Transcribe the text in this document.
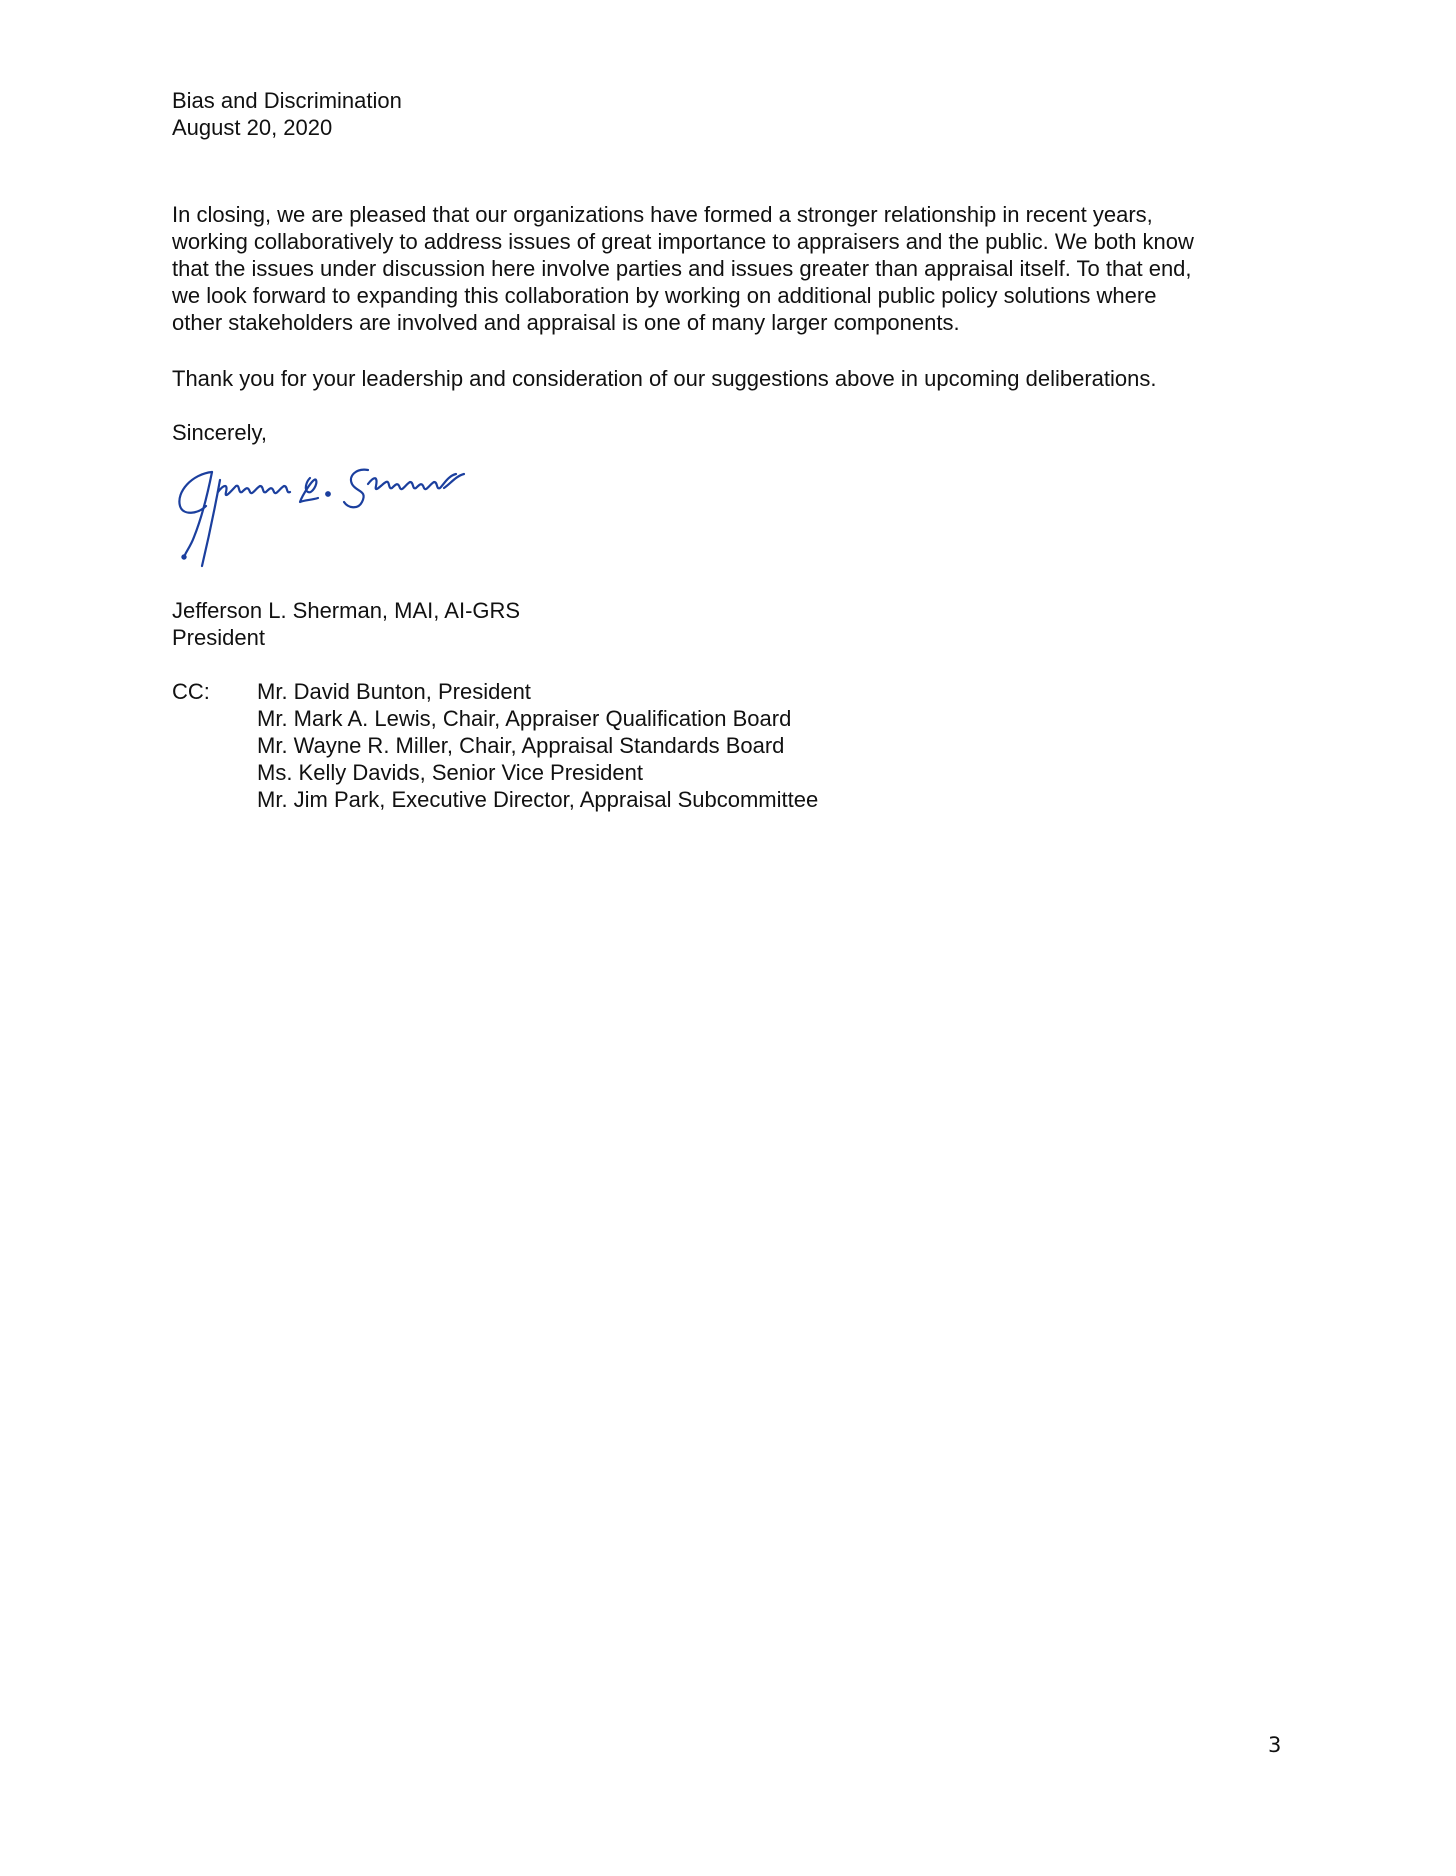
Bias and Discrimination

August 20, 2020

In closing, we are pleased that our organizations have formed a stronger relationship in recent years,
working collaboratively to address issues of great importance to appraisers and the public. We both know
that the issues under discussion here involve parties and issues greater than appraisal itself. To that end,
we look forward to expanding this collaboration by working on additional public policy solutions where
other stakeholders are involved and appraisal is one of many larger components.

Thank you for your leadership and consideration of our suggestions above in upcoming deliberations.

Sincerely,

Jefferson L. Sherman, MAI, AI-GRS

President

CC: Mr. David Bunton, President
Mr. Mark A. Lewis, Chair, Appraiser Qualification Board
Mr. Wayne R. Miller, Chair, Appraisal Standards Board
Ms. Kelly Davids, Senior Vice President
Mr. Jim Park, Executive Director, Appraisal Subcommittee

3
